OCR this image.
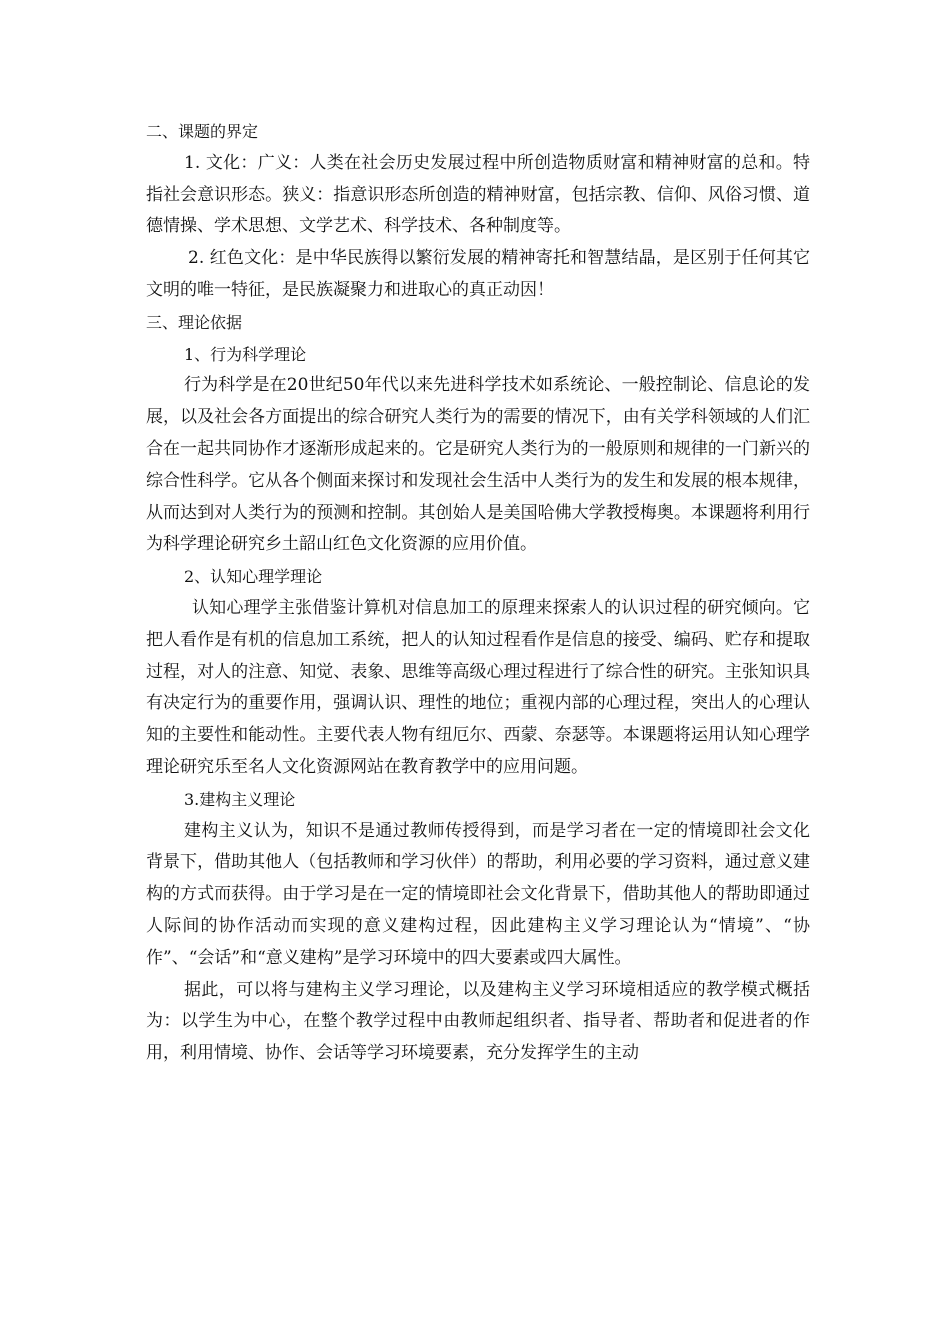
二、课题的界定

1. 文化：广义：人类在社会历史发展过程中所创造物质财富和精神财富的总和。特指社会意识形态。狭义：指意识形态所创造的精神财富，包括宗教、信仰、风俗习惯、道德情操、学术思想、文学艺术、科学技术、各种制度等。

2. 红色文化：是中华民族得以繁衍发展的精神寄托和智慧结晶，是区别于任何其它文明的唯一特征，是民族凝聚力和进取心的真正动因！

三、理论依据

1、行为科学理论

行为科学是在20世纪50年代以来先进科学技术如系统论、一般控制论、信息论的发展，以及社会各方面提出的综合研究人类行为的需要的情况下，由有关学科领域的人们汇合在一起共同协作才逐渐形成起来的。它是研究人类行为的一般原则和规律的一门新兴的综合性科学。它从各个侧面来探讨和发现社会生活中人类行为的发生和发展的根本规律，从而达到对人类行为的预测和控制。其创始人是美国哈佛大学教授梅奥。本课题将利用行为科学理论研究乡土韶山红色文化资源的应用价值。

2、认知心理学理论

认知心理学主张借鉴计算机对信息加工的原理来探索人的认识过程的研究倾向。它把人看作是有机的信息加工系统，把人的认知过程看作是信息的接受、编码、贮存和提取过程，对人的注意、知觉、表象、思维等高级心理过程进行了综合性的研究。主张知识具有决定行为的重要作用，强调认识、理性的地位；重视内部的心理过程，突出人的心理认知的主要性和能动性。主要代表人物有纽厄尔、西蒙、奈瑟等。本课题将运用认知心理学理论研究乐至名人文化资源网站在教育教学中的应用问题。

3.建构主义理论

建构主义认为，知识不是通过教师传授得到，而是学习者在一定的情境即社会文化背景下，借助其他人（包括教师和学习伙伴）的帮助，利用必要的学习资料，通过意义建构的方式而获得。由于学习是在一定的情境即社会文化背景下，借助其他人的帮助即通过人际间的协作活动而实现的意义建构过程，因此建构主义学习理论认为“情境”、“协作”、“会话”和“意义建构”是学习环境中的四大要素或四大属性。

据此，可以将与建构主义学习理论，以及建构主义学习环境相适应的教学模式概括为：以学生为中心，在整个教学过程中由教师起组织者、指导者、帮助者和促进者的作用，利用情境、协作、会话等学习环境要素，充分发挥学生的主动
